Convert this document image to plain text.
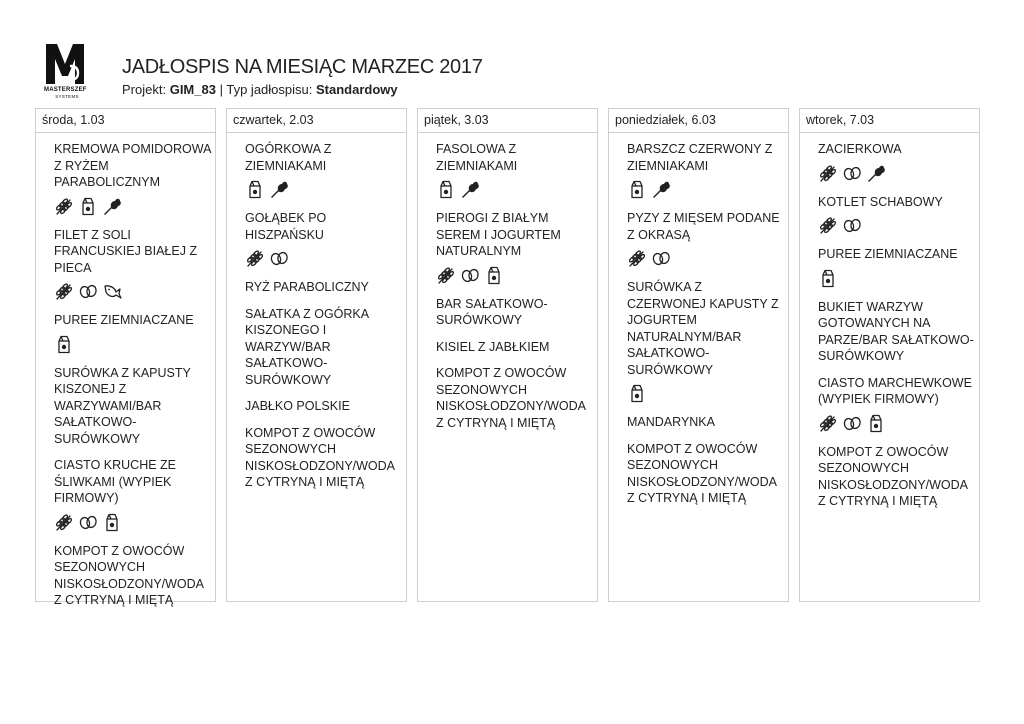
MASTERSZEF
SYSTEMS
JADŁOSPIS NA MIESIĄC MARZEC 2017
Projekt: GIM_83 | Typ jadłospisu: Standardowy
środa, 1.03
KREMOWA POMIDOROWA Z RYŻEM PARABOLICZNYM
FILET Z SOLI FRANCUSKIEJ BIAŁEJ Z PIECA
PUREE ZIEMNIACZANE
SURÓWKA Z KAPUSTY KISZONEJ Z WARZYWAMI/BAR SAŁATKOWO-SURÓWKOWY
CIASTO KRUCHE ZE ŚLIWKAMI (WYPIEK FIRMOWY)
KOMPOT Z OWOCÓW SEZONOWYCH NISKOSŁODZONY/WODA Z CYTRYNĄ I MIĘTĄ
czwartek, 2.03
OGÓRKOWA Z ZIEMNIAKAMI
GOŁĄBEK PO HISZPAŃSKU
RYŻ PARABOLICZNY
SAŁATKA Z OGÓRKA KISZONEGO I WARZYW/BAR SAŁATKOWO-SURÓWKOWY
JABŁKO POLSKIE
KOMPOT Z OWOCÓW SEZONOWYCH NISKOSŁODZONY/WODA Z CYTRYNĄ I MIĘTĄ
piątek, 3.03
FASOLOWA Z ZIEMNIAKAMI
PIEROGI Z BIAŁYM SEREM I JOGURTEM NATURALNYM
BAR SAŁATKOWO-SURÓWKOWY
KISIEL Z JABŁKIEM
KOMPOT Z OWOCÓW SEZONOWYCH NISKOSŁODZONY/WODA Z CYTRYNĄ I MIĘTĄ
poniedziałek, 6.03
BARSZCZ CZERWONY Z ZIEMNIAKAMI
PYZY Z MIĘSEM PODANE Z OKRASĄ
SURÓWKA Z CZERWONEJ KAPUSTY Z JOGURTEM NATURALNYM/BAR SAŁATKOWO-SURÓWKOWY
MANDARYNKA
KOMPOT Z OWOCÓW SEZONOWYCH NISKOSŁODZONY/WODA Z CYTRYNĄ I MIĘTĄ
wtorek, 7.03
ZACIERKOWA
KOTLET SCHABOWY
PUREE ZIEMNIACZANE
BUKIET WARZYW GOTOWANYCH NA PARZE/BAR SAŁATKOWO-SURÓWKOWY
CIASTO MARCHEWKOWE (WYPIEK FIRMOWY)
KOMPOT Z OWOCÓW SEZONOWYCH NISKOSŁODZONY/WODA Z CYTRYNĄ I MIĘTĄ
